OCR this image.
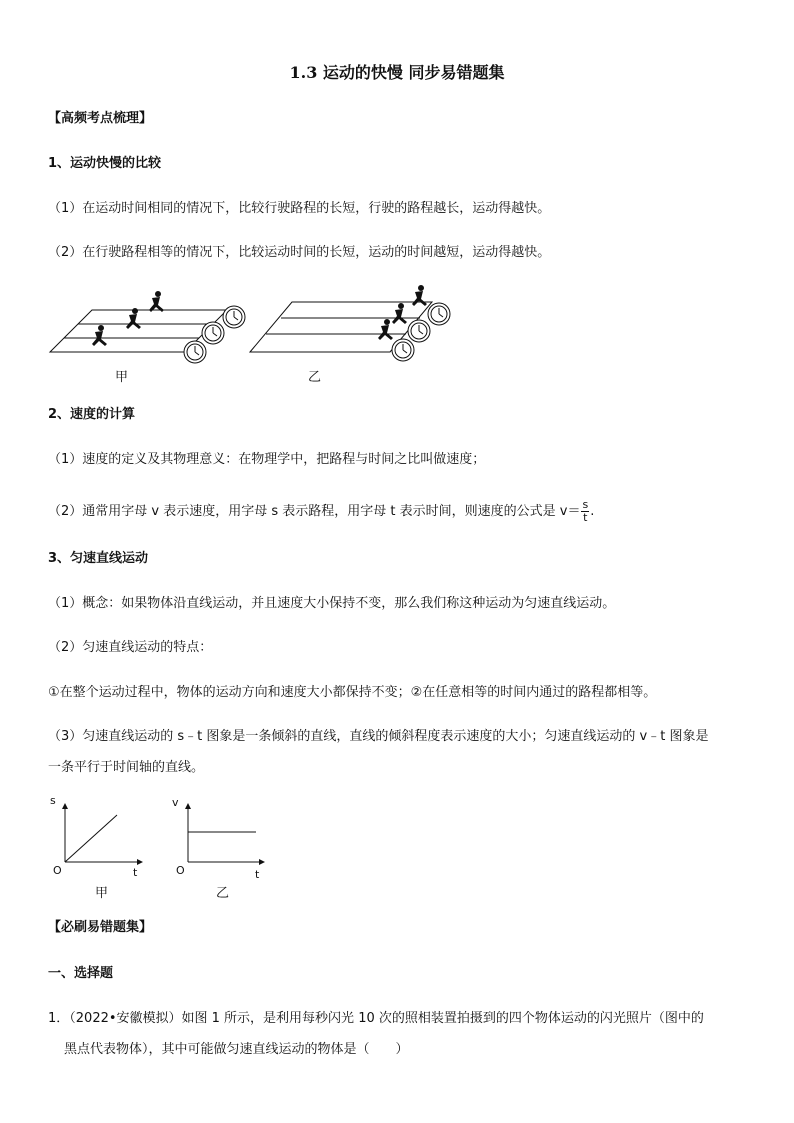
1.3 运动的快慢 同步易错题集
【高频考点梳理】
1、运动快慢的比较
（1）在运动时间相同的情况下，比较行驶路程的长短，行驶的路程越长，运动得越快。
（2）在行驶路程相等的情况下，比较运动时间的长短，运动的时间越短，运动得越快。
甲	乙
2、速度的计算
（1）速度的定义及其物理意义：在物理学中，把路程与时间之比叫做速度；
（2）通常用字母 v 表示速度，用字母 s 表示路程，用字母 t 表示时间，则速度的公式是 $v= \frac{s}{t}$ .
3、匀速直线运动
（1）概念：如果物体沿直线运动，并且速度大小保持不变，那么我们称这种运动为匀速直线运动。
（2）匀速直线运动的特点：
①在整个运动过程中，物体的运动方向和速度大小都保持不变；②在任意相等的时间内通过的路程都相等。
（3）匀速直线运动的 s﹣t 图象是一条倾斜的直线，直线的倾斜程度表示速度的大小；匀速直线运动的 v﹣t 图象是
一条平行于时间轴的直线。
s
t
O
甲
v
t
O
乙
【必刷易错题集】
一、选择题
1．（2022•安徽模拟）如图 1 所示，是利用每秒闪光 10 次的照相装置拍摄到的四个物体运动的闪光照片（图中的
黑点代表物体），其中可能做匀速直线运动的物体是（　　）
